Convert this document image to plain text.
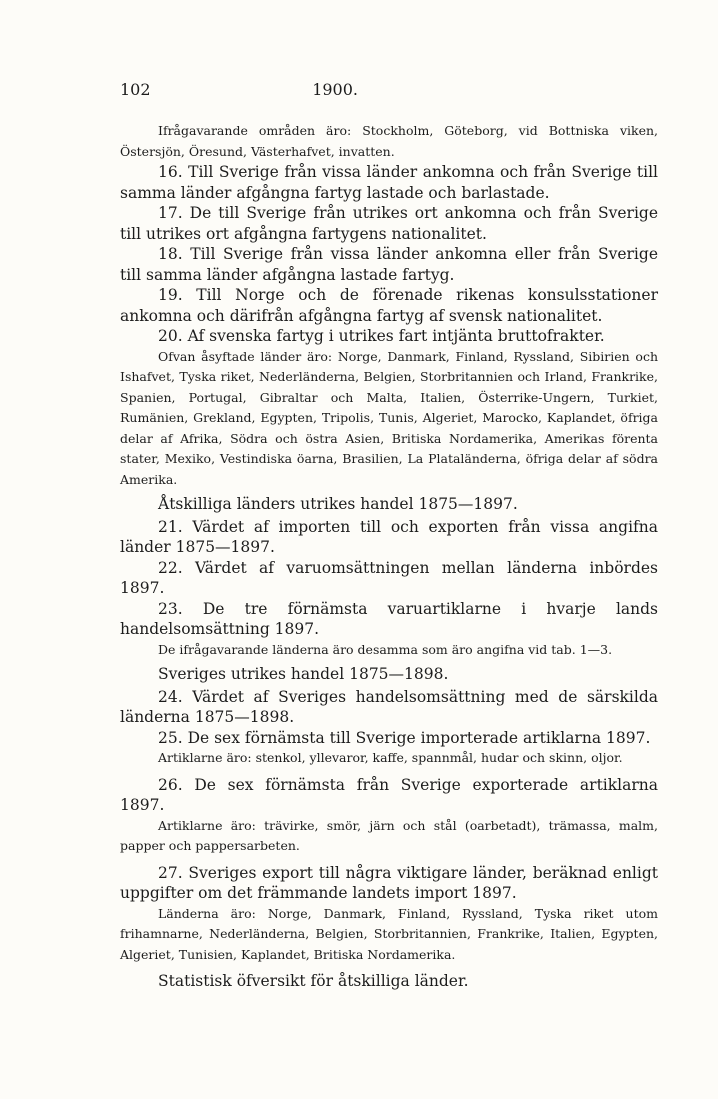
102	1900.

Ifrågavarande områden äro: Stockholm, Göteborg, vid Bottniska viken, Östersjön, Öresund, Västerhafvet, invatten.

16. Till Sverige från vissa länder ankomna och från Sverige till samma länder afgångna fartyg lastade och barlastade.

17. De till Sverige från utrikes ort ankomna och från Sverige till utrikes ort afgångna fartygens nationalitet.

18. Till Sverige från vissa länder ankomna eller från Sverige till samma länder afgångna lastade fartyg.

19. Till Norge och de förenade rikenas konsulsstationer ankomna och därifrån afgångna fartyg af svensk nationalitet.

20. Af svenska fartyg i utrikes fart intjänta bruttofrakter.

Ofvan åsyftade länder äro: Norge, Danmark, Finland, Ryssland, Sibirien och Ishafvet, Tyska riket, Nederländerna, Belgien, Storbritannien och Irland, Frankrike, Spanien, Portugal, Gibraltar och Malta, Italien, Österrike-Ungern, Turkiet, Rumänien, Grekland, Egypten, Tripolis, Tunis, Algeriet, Marocko, Kaplandet, öfriga delar af Afrika, Södra och östra Asien, Britiska Nordamerika, Amerikas förenta stater, Mexiko, Vestindiska öarna, Brasilien, La Plataländerna, öfriga delar af södra Amerika.

Åtskilliga länders utrikes handel 1875—1897.

21. Värdet af importen till och exporten från vissa angifna länder 1875—1897.

22. Värdet af varuomsättningen mellan länderna inbördes 1897.

23. De tre förnämsta varuartiklarne i hvarje lands handelsomsättning 1897.

De ifrågavarande länderna äro desamma som äro angifna vid tab. 1—3.

Sveriges utrikes handel 1875—1898.

24. Värdet af Sveriges handelsomsättning med de särskilda länderna 1875—1898.

25. De sex förnämsta till Sverige importerade artiklarna 1897.

Artiklarne äro: stenkol, yllevaror, kaffe, spannmål, hudar och skinn, oljor.

26. De sex förnämsta från Sverige exporterade artiklarna 1897.

Artiklarne äro: trävirke, smör, järn och stål (oarbetadt), trämassa, malm, papper och pappersarbeten.

27. Sveriges export till några viktigare länder, beräknad enligt uppgifter om det främmande landets import 1897.

Länderna äro: Norge, Danmark, Finland, Ryssland, Tyska riket utom frihamnarne, Nederländerna, Belgien, Storbritannien, Frankrike, Italien, Egypten, Algeriet, Tunisien, Kaplandet, Britiska Nordamerika.

Statistisk öfversikt för åtskilliga länder.
